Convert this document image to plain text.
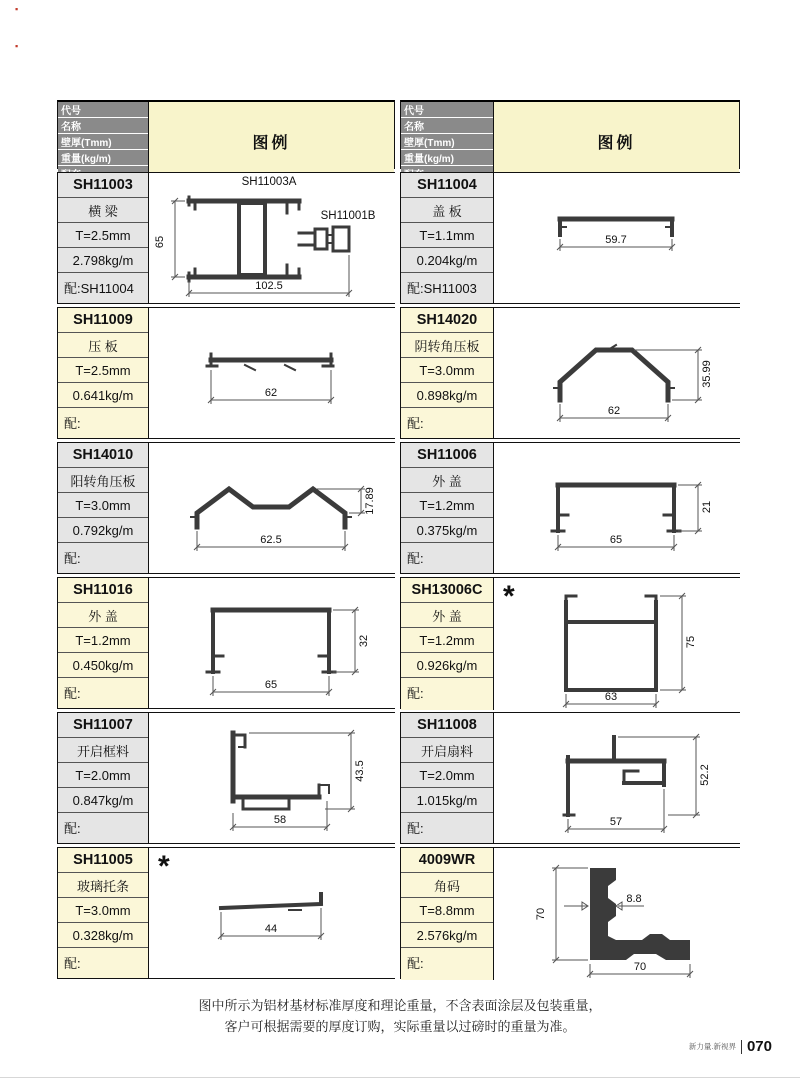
▪
▪
代号
名称
壁厚(Tmm)
重量(kg/m)
图例
SH11003
横 梁
T=2.5mm
2.798kg/m
配:SH11004
SH11003A
SH11001B
65
102.5
SH11009
压 板
T=2.5mm
0.641kg/m
配:
62
SH14010
阳转角压板
T=3.0mm
0.792kg/m
配:
62.5
17.89
SH11016
外 盖
T=1.2mm
0.450kg/m
配:
65
32
SH11007
开启框料
T=2.0mm
0.847kg/m
配:
58
43.5
SH11005
玻璃托条
T=3.0mm
0.328kg/m
配:
*
44
代号
名称
壁厚(Tmm)
重量(kg/m)
图例
SH11004
盖 板
T=1.1mm
0.204kg/m
配:SH11003
59.7
SH14020
阴转角压板
T=3.0mm
0.898kg/m
配:
62
35.99
SH11006
外 盖
T=1.2mm
0.375kg/m
配:
65
21
SH13006C
外 盖
T=1.2mm
0.926kg/m
配:
*
63
75
SH11008
开启扇料
T=2.0mm
1.015kg/m
配:	57
52.2
4009WR
角码
T=8.8mm
2.576kg/m
配:
70
8.8
70
图中所示为铝材基材标准厚度和理论重量，不含表面涂层及包装重量，
客户可根据需要的厚度订购，实际重量以过磅时的重量为准。
新力量.新视界 070
